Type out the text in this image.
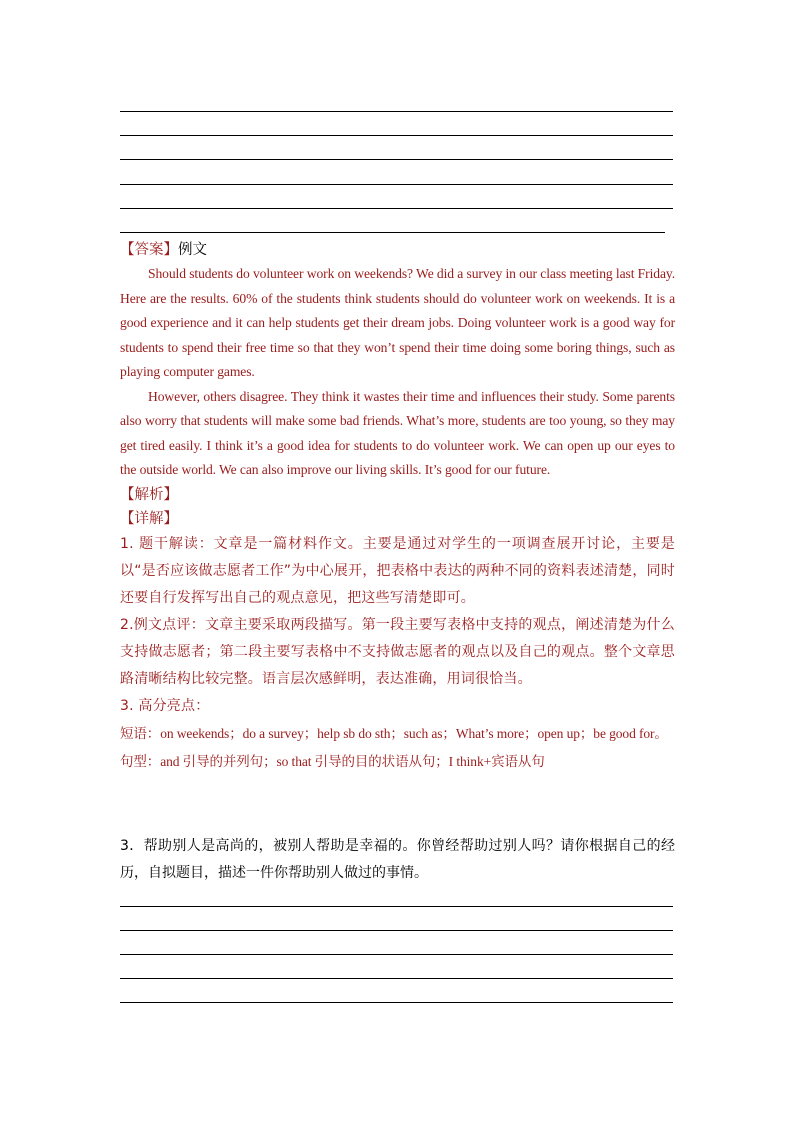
【答案】例文

Should students do volunteer work on weekends? We did a survey in our class meeting last Friday. Here are the results. 60% of the students think students should do volunteer work on weekends. It is a good experience and it can help students get their dream jobs. Doing volunteer work is a good way for students to spend their free time so that they won’t spend their time doing some boring things, such as playing computer games.

However, others disagree. They think it wastes their time and influences their study. Some parents also worry that students will make some bad friends. What’s more, students are too young, so they may get tired easily. I think it’s a good idea for students to do volunteer work. We can open up our eyes to the outside world. We can also improve our living skills. It’s good for our future.

【解析】

【详解】

1. 题干解读：文章是一篇材料作文。主要是通过对学生的一项调查展开讨论，主要是以“是否应该做志愿者工作”为中心展开，把表格中表达的两种不同的资料表述清楚，同时还要自行发挥写出自己的观点意见，把这些写清楚即可。

2.例文点评：文章主要采取两段描写。第一段主要写表格中支持的观点，阐述清楚为什么支持做志愿者；第二段主要写表格中不支持做志愿者的观点以及自己的观点。整个文章思路清晰结构比较完整。语言层次感鲜明，表达准确，用词很恰当。

3. 高分亮点：

短语：on weekends；do a survey；help sb do sth；such as；What’s more；open up；be good for。

句型：and 引导的并列句；so that 引导的目的状语从句；I think+宾语从句

3．帮助别人是高尚的，被别人帮助是幸福的。你曾经帮助过别人吗？请你根据自己的经历，自拟题目，描述一件你帮助别人做过的事情。
